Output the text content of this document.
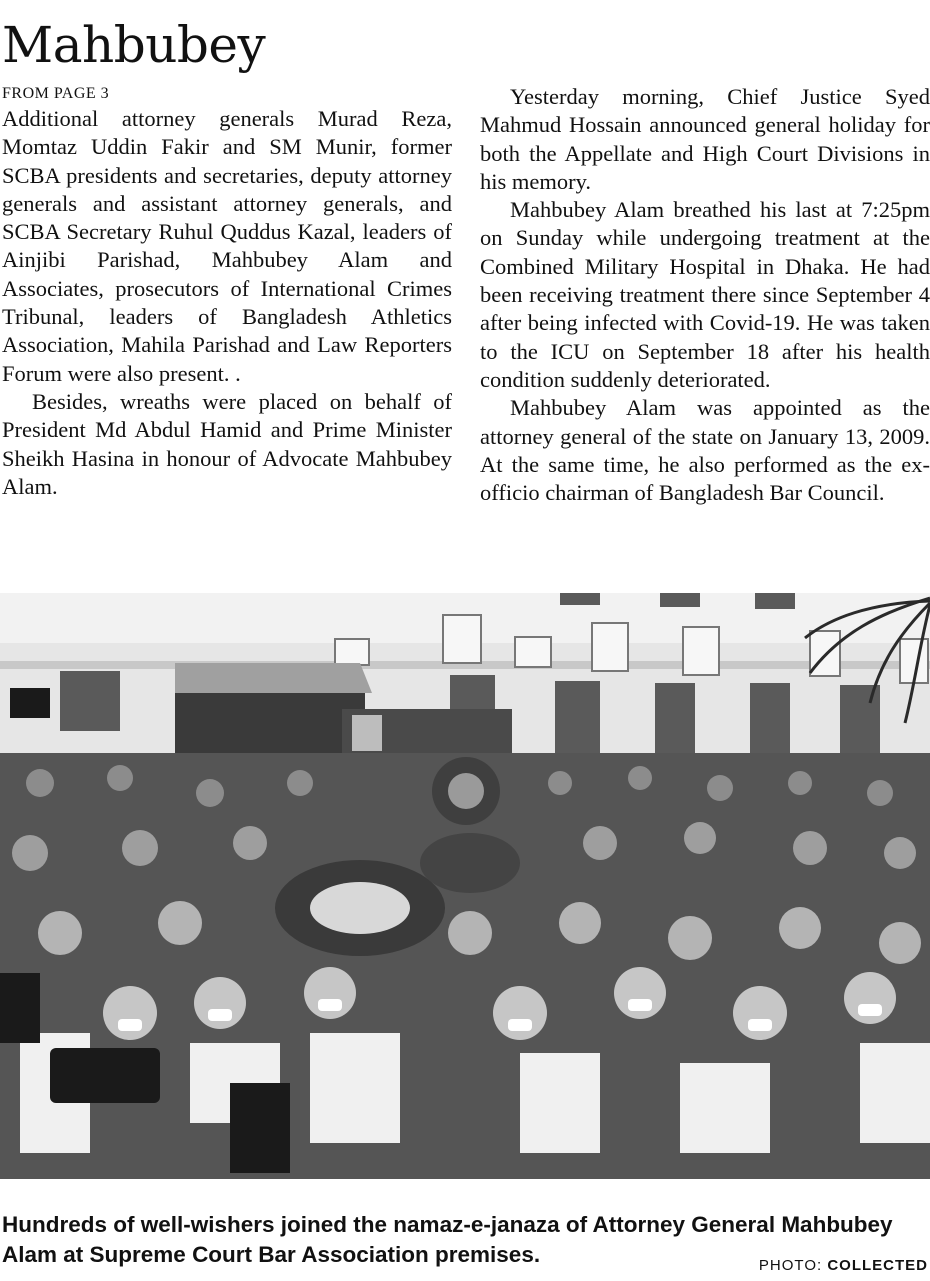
Mahbubey
FROM PAGE 3

Additional attorney generals Murad Reza, Momtaz Uddin Fakir and SM Munir, former SCBA presidents and secretaries, deputy attorney generals and assistant attorney generals, and SCBA Secretary Ruhul Quddus Kazal, leaders of Ainjibi Parishad, Mahbubey Alam and Associates, prosecutors of International Crimes Tribunal, leaders of Bangladesh Athletics Association, Mahila Parishad and Law Reporters Forum were also present. .

Besides, wreaths were placed on behalf of President Md Abdul Hamid and Prime Minister Sheikh Hasina in honour of Advocate Mahbubey Alam.

Yesterday morning, Chief Justice Syed Mahmud Hossain announced general holiday for both the Appellate and High Court Divisions in his memory.

Mahbubey Alam breathed his last at 7:25pm on Sunday while undergoing treatment at the Combined Military Hospital in Dhaka. He had been receiving treatment there since September 4 after being infected with Covid-19. He was taken to the ICU on September 18 after his health condition suddenly deteriorated.

Mahbubey Alam was appointed as the attorney general of the state on January 13, 2009. At the same time, he also performed as the ex-officio chairman of Bangladesh Bar Council.

Hundreds of well-wishers joined the namaz-e-janaza of Attorney General Mahbubey Alam at Supreme Court Bar Association premises.	PHOTO: COLLECTED
